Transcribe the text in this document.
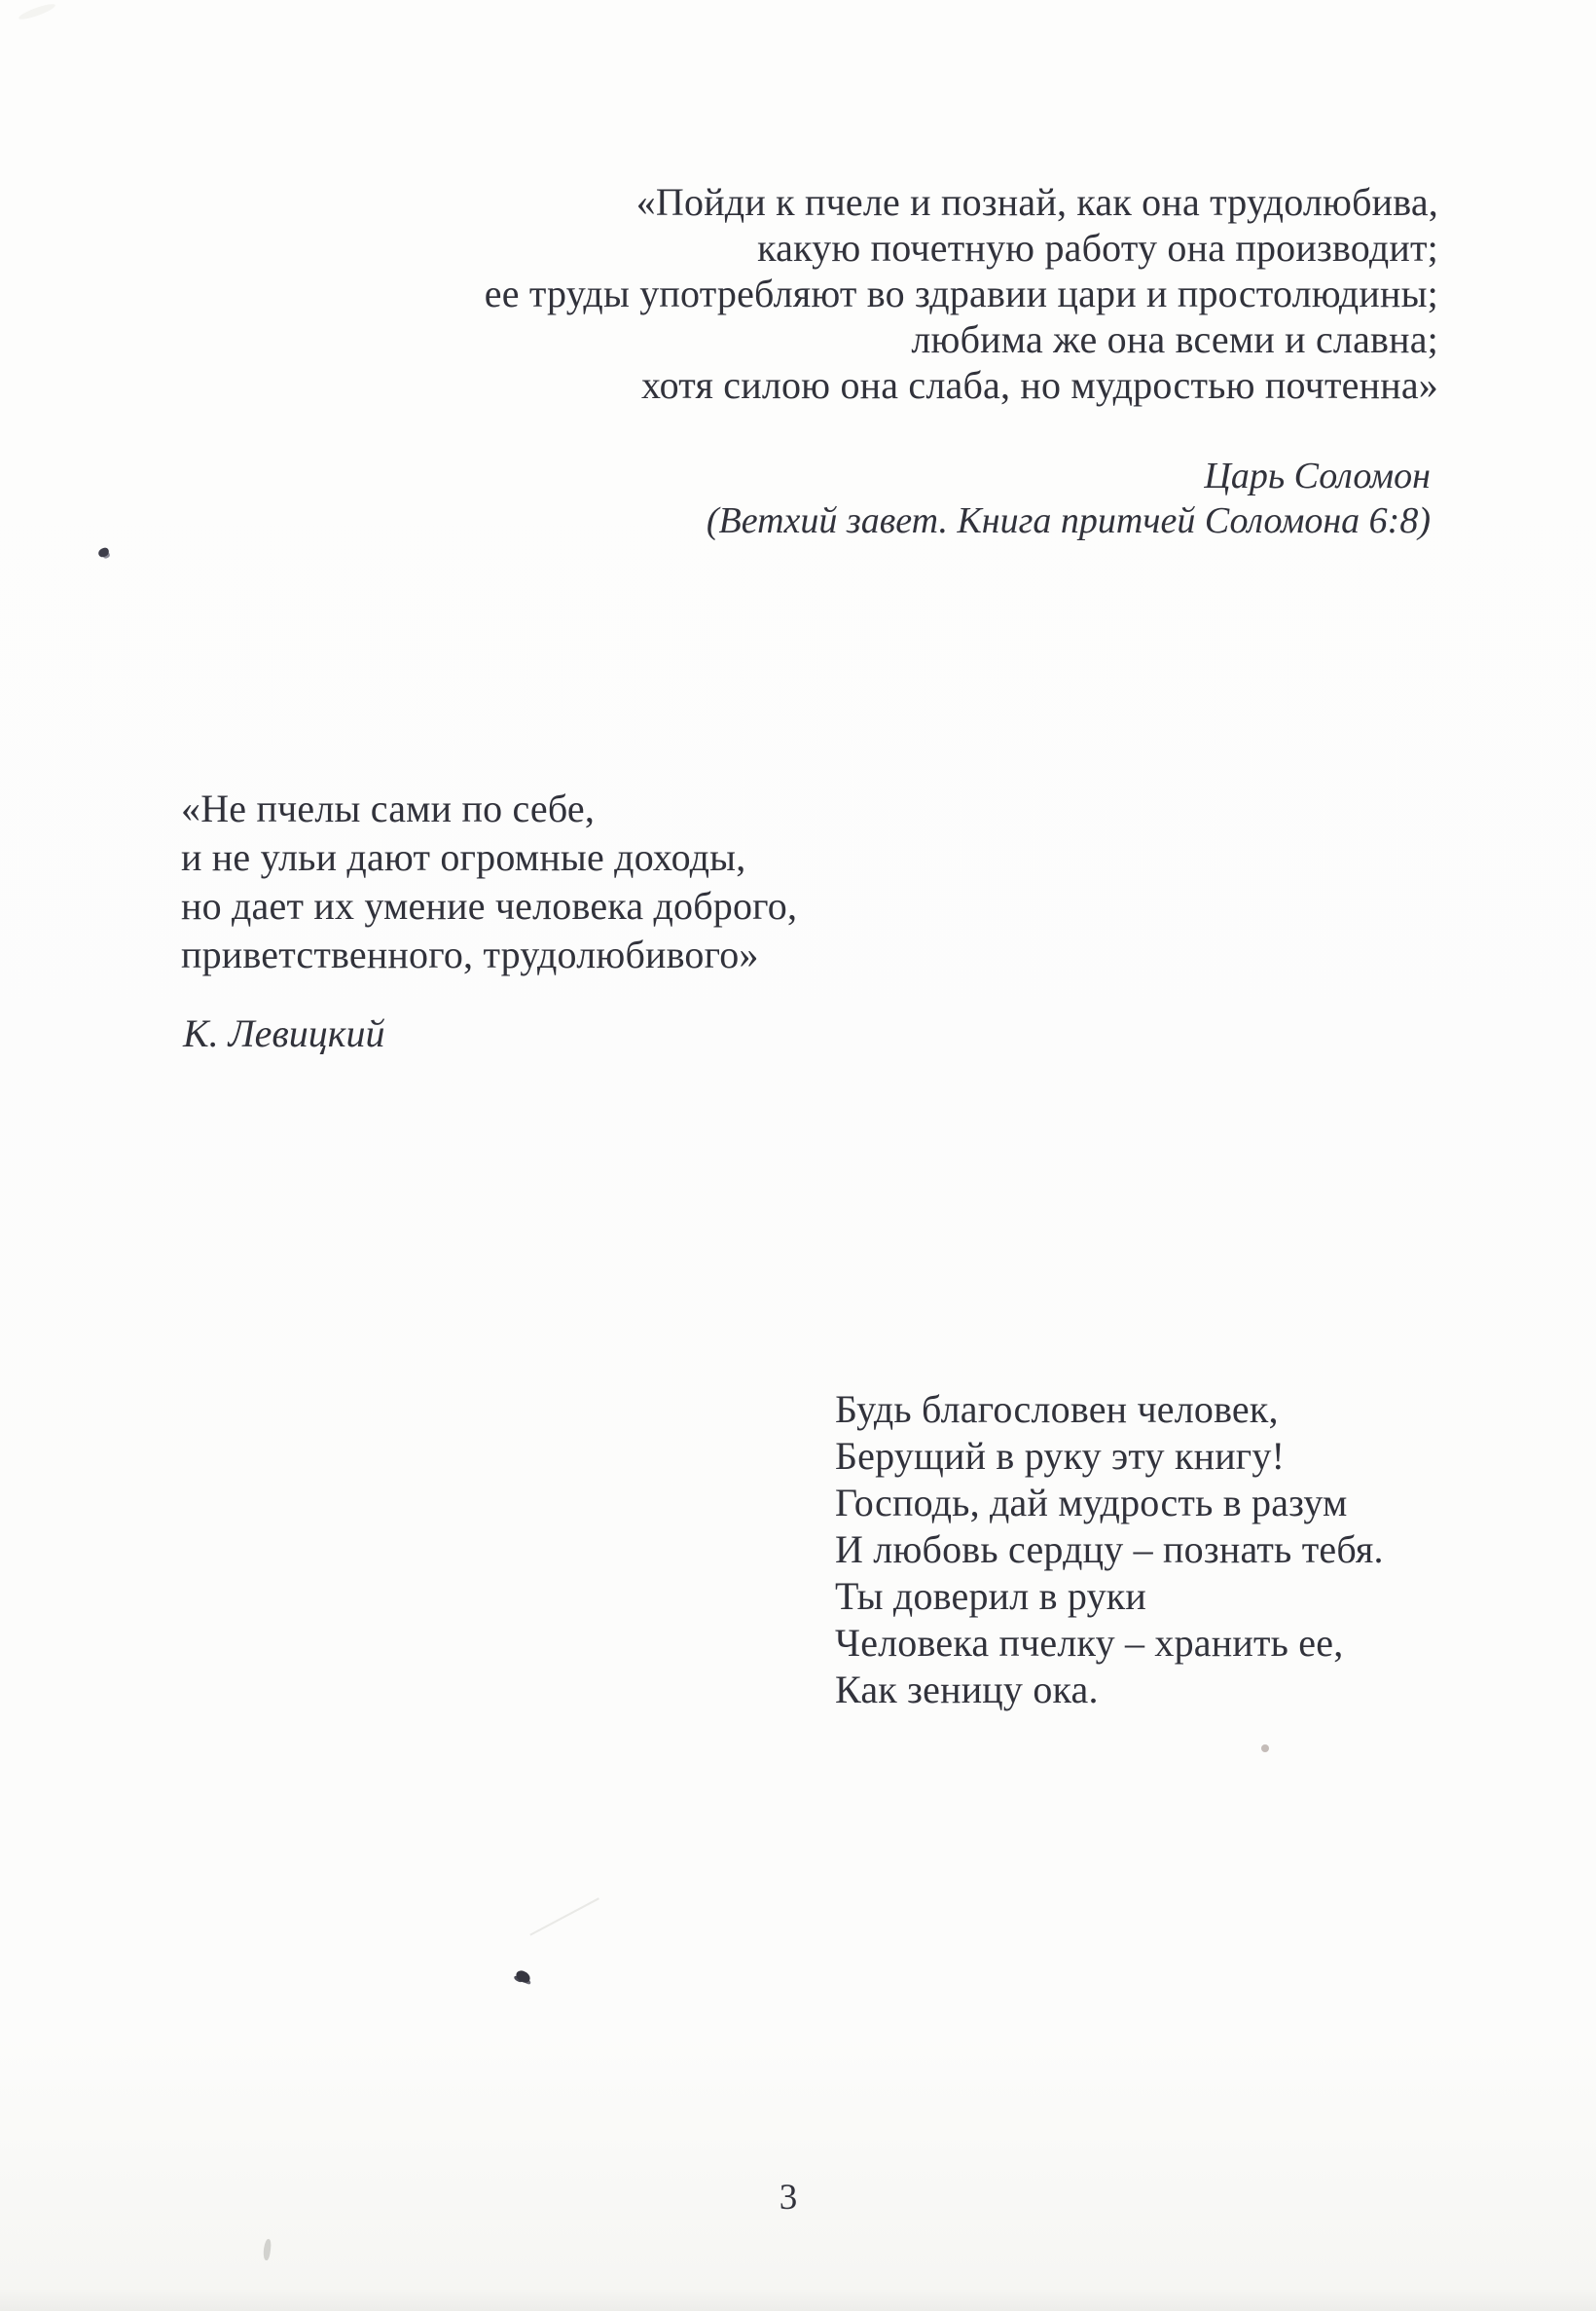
«Пойди к пчеле и познай, как она трудолюбива,
какую почетную работу она производит;
ее труды употребляют во здравии цари и простолюдины;
любима же она всеми и славна;
хотя силою она слаба, но мудростью почтенна»
Царь Соломон
(Ветхий завет. Книга притчей Соломона 6:8)
«Не пчелы сами по себе,
и не ульи дают огромные доходы,
но дает их умение человека доброго,
приветственного, трудолюбивого»
К. Левицкий
Будь благословен человек,
Берущий в руку эту книгу!
Господь, дай мудрость в разум
И любовь сердцу – познать тебя.
Ты доверил в руки
Человека пчелку – хранить ее,
Как зеницу ока.
3
